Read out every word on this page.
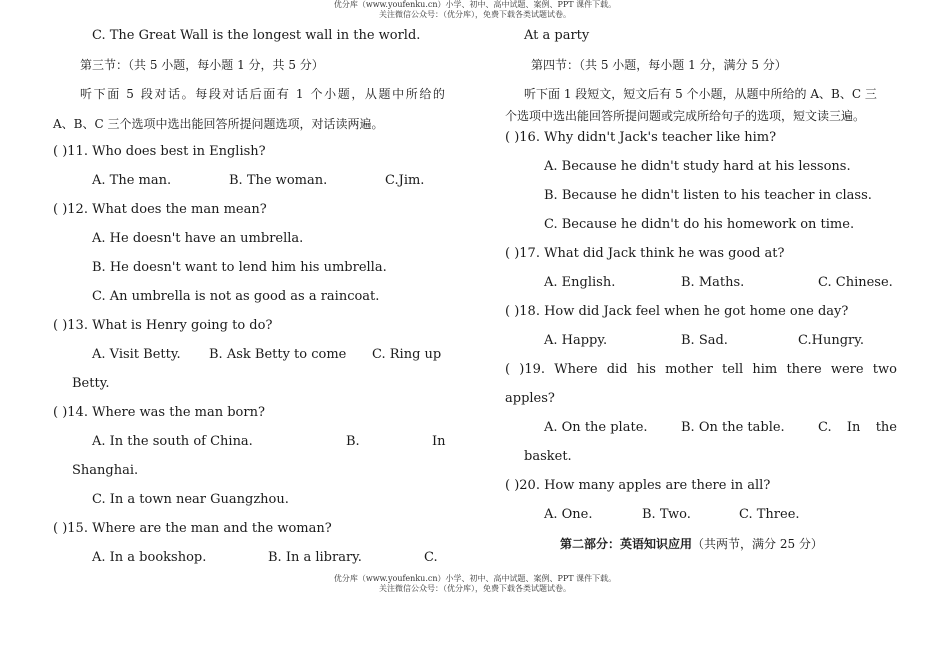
优分库（www.youfenku.cn）小学、初中、高中试题、案例、PPT 课件下载。
关注微信公众号：（优分库），免费下载各类试题试卷。
C. The Great Wall is the longest wall in the world.
第三节：（共 5 小题，每小题 1 分，共 5 分）
听下面 5 段对话。每段对话后面有 1 个小题，从题中所给的
A、B、C 三个选项中选出能回答所提问题选项，对话读两遍。
( )11. Who does best in English?
A. The man.	B. The woman.	C.Jim.
( )12. What does the man mean?
A. He doesn't have an umbrella.
B. He doesn't want to lend him his umbrella.
C. An umbrella is not as good as a raincoat.
( )13. What is Henry going to do?
A. Visit Betty. B. Ask Betty to come C. Ring up
Betty.
( )14. Where was the man born?
A. In the south of China.	B.	In
Shanghai.
C. In a town near Guangzhou.
( )15. Where are the man and the woman?
A. In a bookshop.	B. In a library.	C.
At a party
第四节：（共 5 小题，每小题 1 分，满分 5 分）
听下面 1 段短文，短文后有 5 个小题，从题中所给的 A、B、C 三
个选项中选出能回答所提问题或完成所给句子的选项，短文读三遍。
( )16. Why didn't Jack's teacher like him?
A. Because he didn't study hard at his lessons.
B. Because he didn't listen to his teacher in class.
C. Because he didn't do his homework on time.
( )17. What did Jack think he was good at?
A. English.	B. Maths.	C. Chinese.
( )18. How did Jack feel when he got home one day?
A. Happy.	B. Sad.	C.Hungry.
( )19. Where did his mother tell him there were two
apples?
A. On the plate.	B. On the table.	C. In the
basket.
( )20. How many apples are there in all?
A. One.	B. Two.	C. Three.
第二部分：英语知识应用（共两节，满分 25 分）
优分库（www.youfenku.cn）小学、初中、高中试题、案例、PPT 课件下载。
关注微信公众号：（优分库），免费下载各类试题试卷。
